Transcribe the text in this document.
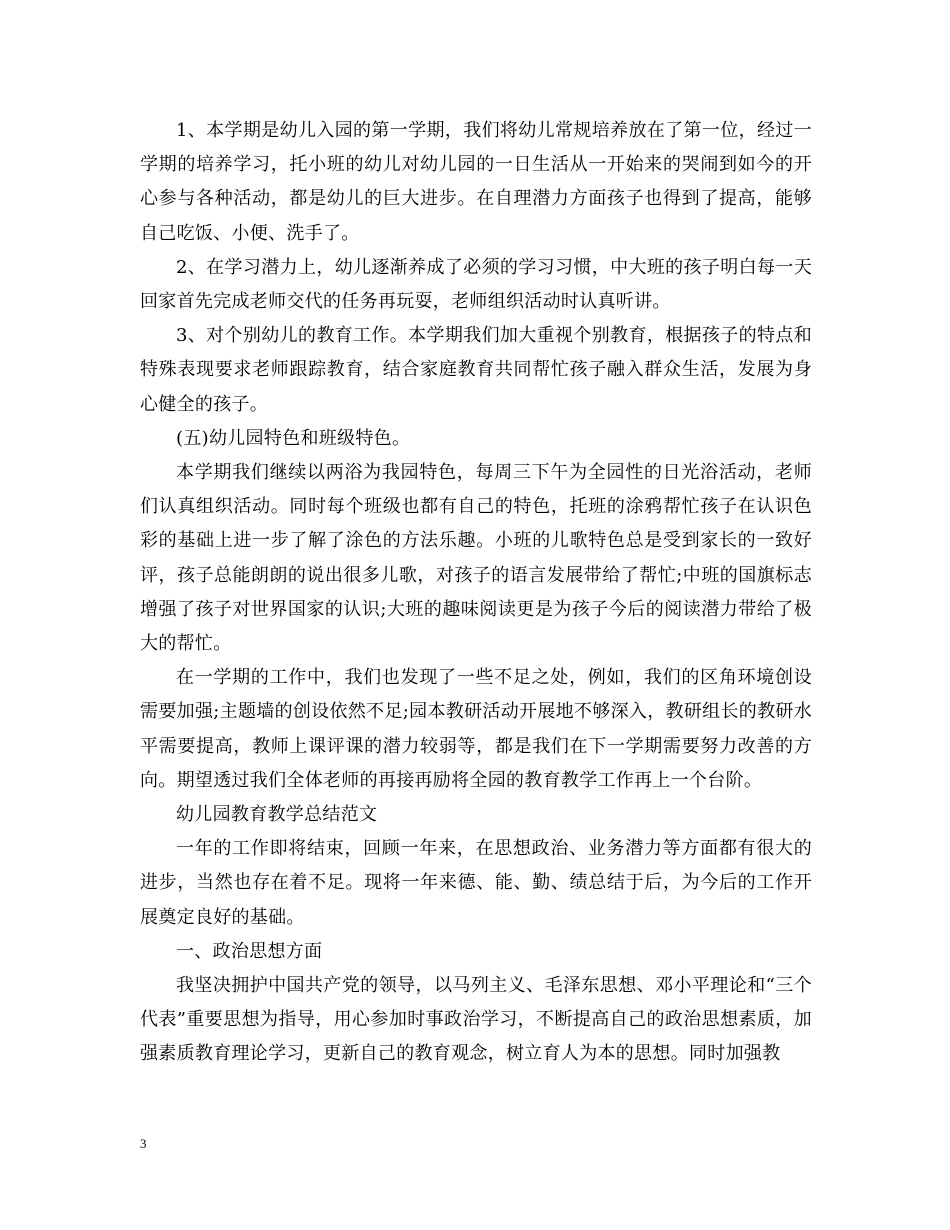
1、本学期是幼儿入园的第一学期，我们将幼儿常规培养放在了第一位，经过一学期的培养学习，托小班的幼儿对幼儿园的一日生活从一开始来的哭闹到如今的开心参与各种活动，都是幼儿的巨大进步。在自理潜力方面孩子也得到了提高，能够自己吃饭、小便、洗手了。

2、在学习潜力上，幼儿逐渐养成了必须的学习习惯，中大班的孩子明白每一天回家首先完成老师交代的任务再玩耍，老师组织活动时认真听讲。

3、对个别幼儿的教育工作。本学期我们加大重视个别教育，根据孩子的特点和特殊表现要求老师跟踪教育，结合家庭教育共同帮忙孩子融入群众生活，发展为身心健全的孩子。

(五)幼儿园特色和班级特色。

本学期我们继续以两浴为我园特色，每周三下午为全园性的日光浴活动，老师们认真组织活动。同时每个班级也都有自己的特色，托班的涂鸦帮忙孩子在认识色彩的基础上进一步了解了涂色的方法乐趣。小班的儿歌特色总是受到家长的一致好评，孩子总能朗朗的说出很多儿歌，对孩子的语言发展带给了帮忙;中班的国旗标志增强了孩子对世界国家的认识;大班的趣味阅读更是为孩子今后的阅读潜力带给了极大的帮忙。

在一学期的工作中，我们也发现了一些不足之处，例如，我们的区角环境创设需要加强;主题墙的创设依然不足;园本教研活动开展地不够深入，教研组长的教研水平需要提高，教师上课评课的潜力较弱等，都是我们在下一学期需要努力改善的方向。期望透过我们全体老师的再接再励将全园的教育教学工作再上一个台阶。

幼儿园教育教学总结范文

一年的工作即将结束，回顾一年来，在思想政治、业务潜力等方面都有很大的进步，当然也存在着不足。现将一年来德、能、勤、绩总结于后，为今后的工作开展奠定良好的基础。

一、政治思想方面

我坚决拥护中国共产党的领导，以马列主义、毛泽东思想、邓小平理论和“三个代表”重要思想为指导，用心参加时事政治学习，不断提高自己的政治思想素质，加强素质教育理论学习，更新自己的教育观念，树立育人为本的思想。同时加强教

3
